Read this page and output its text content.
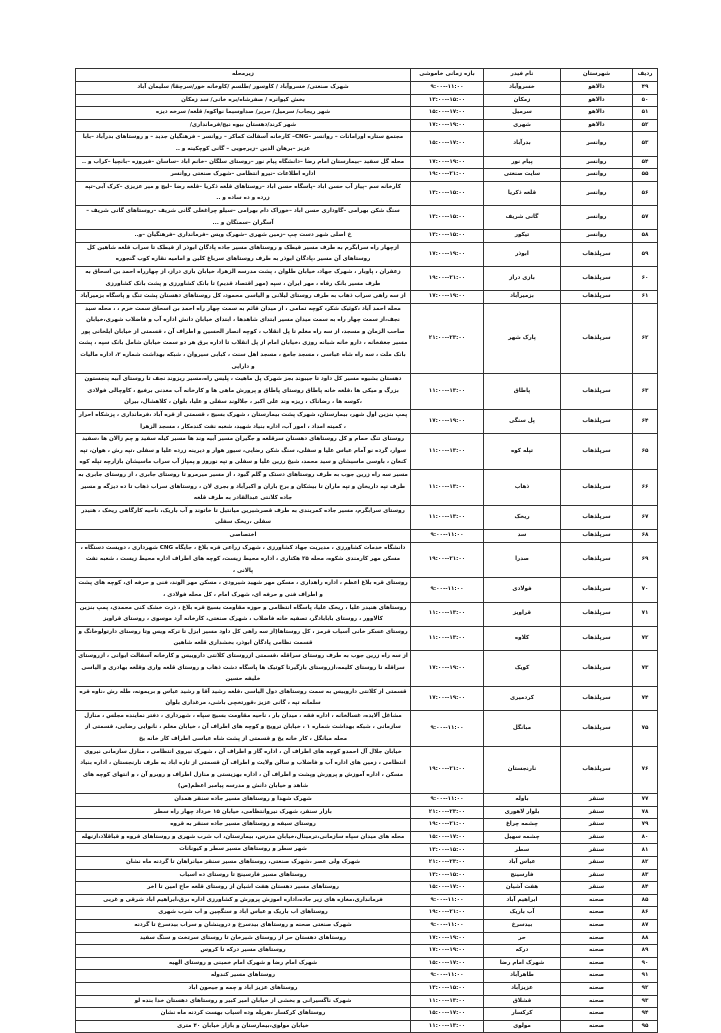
ردیف	شهرستان	نام فیدر	بازه زمانی خاموشی	زیرمحله
۴۹	دالاهو	خسروآباد	۹:۰۰--۱۱:۰۰	شهرک صنعتی/ خسروآباد / کاوسور /طلسم /کاوخانه خور/سرچقا/ سلیمان آباد
۵۰	دالاهو	زمکان	۱۳:۰۰--۱۵:۰۰	بخش کیوانره / صفرشاه/بره خانی/ سد زمکان
۵۱	دالاهو	سرمیل	۱۵:۰۰--۱۷:۰۰	شهر ریجاب/ سرمیل/ حریر/ صداوسیما نواکوه/ قلعه/ سرخه دیزه
۵۲	دالاهو	شهری	۱۷:۰۰--۱۹:۰۰	شهر کرند/دهستان بیوه نیج/فرمانداری/
۵۳	روانسر	بدرآباد	۱۵:۰۰--۱۷:۰۰	مجتمع ستاره اورامانات – روانسر –CNG– کارخانه آسفالت کماکر – روانسر – فرهنگیان جدید – و روستاهای بدرآباد –بابا عزیز –برهان الدین –زیرجویی – گانی کوچکینه و ..
۵۴	روانسر	پیام نور	۱۷:۰۰--۱۹:۰۰	محله گل سفید –بیمارستان امام رضا –دانشگاه پیام نور –روستای سلگان –خانم اباد –ساسان –فیروزه –بانچیا –کراب و ..
۵۵	روانسر	سایت صنعتی	۱۹:۰۰--۲۱:۰۰	اداره اطلاعات –نیرو انتظامی –شهرک صنعتی روانسر
۵۶	روانسر	قلعه ذکریا	۱۳:۰۰--۱۵:۰۰	کارخانه سم –پیاز آب حسن اباد –پاسگاه حسن اباد –روستاهای قلعه ذکریا –قلعه رضا –لیچ و میر عزیزی –کرک آبی–تپه زرده و ده ساده و ..
۵۷	روانسر	گانی شریف	۱۳:۰۰--۱۵:۰۰	سنگ شکن بهرامی –گاوداری حسن اباد –خوراک دام بهرامی –سیلو چراغعلی گانی شریف –روستاهای گانی شریف –آسگران –سمنگان و ...
۵۸	روانسر	تیکور	۱۳:۰۰--۱۵:۰۰	خ اصلی شهر دست چپ –زمین شهری –شهرک ویس –فرمانداری –فرهنگیان –و..
۵۹	سرپلذهاب	ابوذر	۱۷:۰۰--۱۹:۰۰	ازچهار راه سرابگرم به طرف مسیر قیطک و روستاهای مسیر جاده پادگان ابوذر از قیطک تا سراب قلعه شاهین کل روستاهای آن مسیر ،پادگان ابوذر به طرف روستاهای سرباغ کلین و امامیه نقاره کوب گنجوره
۶۰	سرپلذهاب	بازی دراز	۱۹:۰۰--۲۱:۰۰	زعفران ، پاوبار ، شهرک جهاد، خیابان طلوان ، پشت مدرسه الزهرا، خیابان بازی دراز، از چهارراه احمد بن اسحاق به طرف مسیر بانک رفاه ، مهر ایران ، سپه (مهر اقتصاد قدیم) تا بانک کشاورزی و پشت بانک کشاورزی
۶۱	سرپلذهاب	بزمیرآباد	۱۷:۰۰--۱۹:۰۰	از سه راهی سراب ذهاب به طرف روستای لیلانی و الیاسی محمود، کل روستاهای دهستان پشت تنگ و پاسگاه بزمیرآباد
۶۲	سرپلذهاب	پارک شهر	۲۱:۰۰--۲۳:۰۰	محله احمد آباد ،کوئیک شکر، کوچه تمامی ، از میدان قائم به سمت چهار راه احمد بن اسحاق سمت خرم ، ، محله سید نجف،از سمت چهار راه به سمت میدان مسیر ابتدای شاهدها ، ابتدای خیابان دانش اداره آب و فاضلاب شهری،خیابان صاحب الزمان و مسجد، از سه راه معلم تا پل انقلاب ، کوچه انصار الحسین و اطراف آن ، قسمتی از خیابان ایلخانی پور مسیر جعفخانه ، دارو خانه شبانه روزی ،خیابان امام از پل انقلاب تا اداره برق هر دو سمت خیابان شامل بانک سپه ، پشت بانک ملت ، سه راه شاه عباسی ، مسجد جامع ، مسجد اهل سنت ، کبابی سیروان ، شبکه بهداشت شماره ۲، اداره مالیات و دارایی
۶۳	سرپلذهاب	پاطاق	۱۱:۰۰--۱۳:۰۰	دهستان بشیوه مسیر کل داود تا جیبوند بجز شهرک پل ماهیت ، پلیس راه،مسیر ریزوند نجف تا روستای آبیه پنجستون بزرگ و میکی ها ،قلعه خانه پاطاق روستای پاطاق و پرورش ماهی ها و کارخانه آب معدنی برفیغ ، کاوچالی فولادی ،کوسه ها ، رضاناک ، ریزه وند علی اکبر ، جلالوند سفلی و علیا، بلوان ، کلاهشال، بیران
۶۴	سرپلذهاب	پل سنگی	۱۷:۰۰--۱۹:۰۰	پمپ بنزین اول شهر، بیمارستان، شهرک پشت بیمارستان ، شهرک بسیج ، قسمتی از قره آباد ،فرمانداری ، پزشکاه احرار ، کمیته امداد ، امور آب، اداره بنیاد شهید، شعبه نفت کندمکار ، مسجد الزهرا
۶۵	سرپلذهاب	تپله کوه	۱۱:۰۰--۱۳:۰۰	روستای تنگ حمام و کل روستاهای دهستان سرقلعه و جگیران مسیر آبیه وند ها مسیر کیله سفید و چم زالان ها ،سفید سوار، گرده نو آمام عباس علیا و سفلی، سنگ شکن رضایی، سیور هوار و دیرینه زرده علیا و سفلی ،تپه رش ، هوان، تپه کنعان ، باوسی ماسیشان و سید محمد، شیخ رزین علیا و سفلی و تپه نوروز و پمپاژ آب سراب ماسیشان بازارچه تپله کوه
۶۶	سرپلذهاب	ذهاب	۱۱:۰۰--۱۳:۰۰	مسیر سه راه زرین جوب به طرف روستاهای دستک و گلم گبود ، از مسیر میرمرو تا روستای جابری ، از روستای جابری به طرف تپه داریخان و تپه ماران تا بیشکان و برج باران و اکبرآباد و بجری لان ، روستاهای سراب ذهاب تا ده دیزگه و مسیر جاده کلانتی عبدالقادر به طرف قلعه
۶۷	سرپلذهاب	ریخک	۱۱:۰۰--۱۳:۰۰	روستای سرابگرم، مسیر جاده کمربندی به طرف قصرشیرین میانتیل تا خاتوند و آب باریک، ناحیه کارگاهی ریخک ، هنیدر سفلی ،ریخک سفلی
۶۸	سرپلذهاب	سد	۹:۰۰--۱۱:۰۰	اختصاصی
۶۹	سرپلذهاب	صدرا	۱۹:۰۰--۲۱:۰۰	دانشگاه خدمات کشاورزی ، مدیریت جهاد کشاورزی ، شهرک زراعی قره بلاغ ، جایگاه CNG شهرداری ، دویست دستگاه ، مسکن مهر کارمندی شکوه، محله ۲۵ هکتاری ، اداره محیط زیست، کوچه های اطراف اداره محیط زیست ، شعبه نفت پالانی ،
۷۰	سرپلذهاب	فولادی	۹:۰۰--۱۱:۰۰	روستای قره بلاغ اعظم ، اداره راهداری ، مسکن مهر شهید شیرودی ، مسکن مهر الوند، فنی و حرفه ای، کوچه های پشت و اطراف فنی و حرفه ای، شهرک امام ، کل محله فولادی ،
۷۱	سرپلذهاب	قراویز	۱۱:۰۰--۱۳:۰۰	روستاهای هنیدر علیا ، ریخک علیا، پاسگاه انتظامی و حوزه مقاومت بسیج قره بلاغ ، ذرت خشک کنی محمدی، پمپ بنزین کالاوور ، روستای بابابادگر، تصفیه خانه فاضلاب ، شهرک صنعتی، کارخانه آرد موسوی ، روستای قراویز
۷۲	سرپلذهاب	کلاوه	۱۱:۰۰--۱۳:۰۰	روستای عسکر خانی آسیاب قرمز ، کل روستاها(از سه راهی کل داود مسیر ابزل تا ترکه ویس وتا روستای دارتولوخانگ و قسمت نظامی پادگان ابوذر، بخشداری قلعه شاهین
۷۳	سرپلذهاب	کویک	۱۷:۰۰--۱۹:۰۰	از سه راه زرین جوب به طرف روستای سراقله ،قسمتی ازروستای کلانتی داروییس و کارخانه آسفالت ایوانی ، ازروستای سراقله تا روستای کلیمه،ازروستای بازگیرتا کوتیک ها پاسگاه دشت ذهاب و روستای قلعه واری وقلعه بهادری و الیاسی خلیفه حسین
۷۴	سرپلذهاب	کردمیری	۱۷:۰۰--۱۹:۰۰	قسمتی از کلانتی داروییس به سمت روستاهای دول الیاسی ،قلعه رشید آقا و رشید عباس و بریمونه، طله رش ،ناوه قره سلمانه تپه ، گانی عزیز ،قورتخچی باشی، مرغداری بلوان
۷۵	سرپلذهاب	مبانگل	۹:۰۰--۱۱:۰۰	مشاغل آلایده، غسالخانه ، اداره فقه ، میدان بار ، ناحیه مقاومت بسیج سپاه ، شهرداری ، دفتر نماینده مجلس ، منازل سازمانی ، شبکه بهداشت شماره ۱ ، خیابان ترویج و کوچه های اطراف آن ، خیابان معلم ، نانوایی رضایی، قسمتی از محله مبانگل ، کار خانه یخ و قسمتی از پشت شاه عباسی اطراف کار خانه یخ
۷۶	سرپلذهاب	نارنجستان	۱۹:۰۰--۲۱:۰۰	خیابان جلال آل احمدو کوچه های اطراف آن ، اداره گاز و اطراف آن ، شهرک نیروی انتظامی ، منازل سازمانی نیروی انتظامی ، زمین های اداره آب و فاضلاب و سالن ولایت و اطراف آن قسمتی از تازه اباد به طرف نارنجستان ، اداره بنیاد مسکن ، اداره آموزش و پرورش وپشت و اطراف آن ، اداره بهزیستی و منازل اطراف و روبرو آن ، و انتهای کوچه های شاهد و خیابان دانش و مدرسه پیامبر اعظم(ص)
۷۷	سنقر	باوله	۹:۰۰--۱۱:۰۰	شهرک شهدا و روستاهای مسیر جاده سنقر همدان
۷۸	سنقر	بلوار لاهوری	۲۱:۰۰--۲۳:۰۰	بازار سنقر، شهرک نیروانتظامی، خیابان ۱۵ خرداد چهار راه سطر
۷۹	سنقر	چشمه چراغ	۱۹:۰۰--۲۱:۰۰	روستای سیفه و روستاهای مسیر جاده سنقر به قروه
۸۰	سنقر	چشمه سهیل	۱۵:۰۰--۱۷:۰۰	محله های میدان سپاه سازمانی،ترمینال،خیابان مدرس، بیمارستان، اب شرب شهری و روستاهای قروه و قباقلاد،ازنهله
۸۱	سنقر	سطر	۱۳:۰۰--۱۵:۰۰	شهر سطر و روستاهای مسیر سطر و کیونانات
۸۲	سنقر	عباس آباد	۲۱:۰۰--۲۳:۰۰	شهرک ولی عصر ،شهرک صنعتی، روستاهای مسیر سنقر میانراهان تا گردنه ماه نشان
۸۳	سنقر	فارسینج	۱۳:۰۰--۱۵:۰۰	روستاهای مسیر فارسینج تا روستای ده اسیاب
۸۴	سنقر	هفت آشیان	۱۵:۰۰--۱۷:۰۰	روستاهای مسیر دهستان هفت اشیان از روستای قلعه حاج امین تا اخر
۸۵	صحنه	ابراهیم آباد	۹:۰۰--۱۱:۰۰	فرمانداری،مغازه های زیر جاده،اداره اموزش پرورش و کشاورزی اداره برق،ابراهیم اباد شرقی و غربی
۸۶	صحنه	آب باریک	۱۹:۰۰--۲۱:۰۰	روستاهای اب باریک و عباس اباد و سنگچین و اب شرب شهری
۸۷	صحنه	بیدسرخ	۹:۰۰--۱۱:۰۰	شهرک صنعتی صحنه و روستاهای بیدسرخ و دروینشان و سراب بیدسرخ تا گردنه
۸۸	صحنه	حر	۱۷:۰۰--۱۹:۰۰	روستاهای دهستان حر از روستای شیرخان تا روستای سرتخت و سنگ سفید
۸۹	صحنه	درکه	۱۷:۰۰--۱۹:۰۰	روستاهای مسیر درکه تا کروس
۹۰	صحنه	شهرک امام رضا	۱۵:۰۰--۱۷:۰۰	شهرک امام رضا و شهرک امام خمینی و روستای الهیه
۹۱	صحنه	طاهرآباد	۹:۰۰--۱۱:۰۰	روستاهای مسیر کندوله
۹۲	صحنه	عزیزآباد	۱۳:۰۰--۱۵:۰۰	روستاهای عزیز اباد و چمه و جیحون اباد
۹۳	صحنه	قشلاق	۱۱:۰۰--۱۳:۰۰	شهرک ناگسیرانی و بخشی از خیابان امیر کبیر و روستاهای دهستان خدا بنده لو
۹۴	صحنه	کرکسار	۱۵:۰۰--۱۷:۰۰	روستاهای کرکسار ،هرپله وده اسیاب بهست کردنه ماه نشان
۹۵	صحنه	مولوی	۱۱:۰۰--۱۳:۰۰	خیابان مولوی،بیمارستان و بازار خیابان ۴۰ متری
